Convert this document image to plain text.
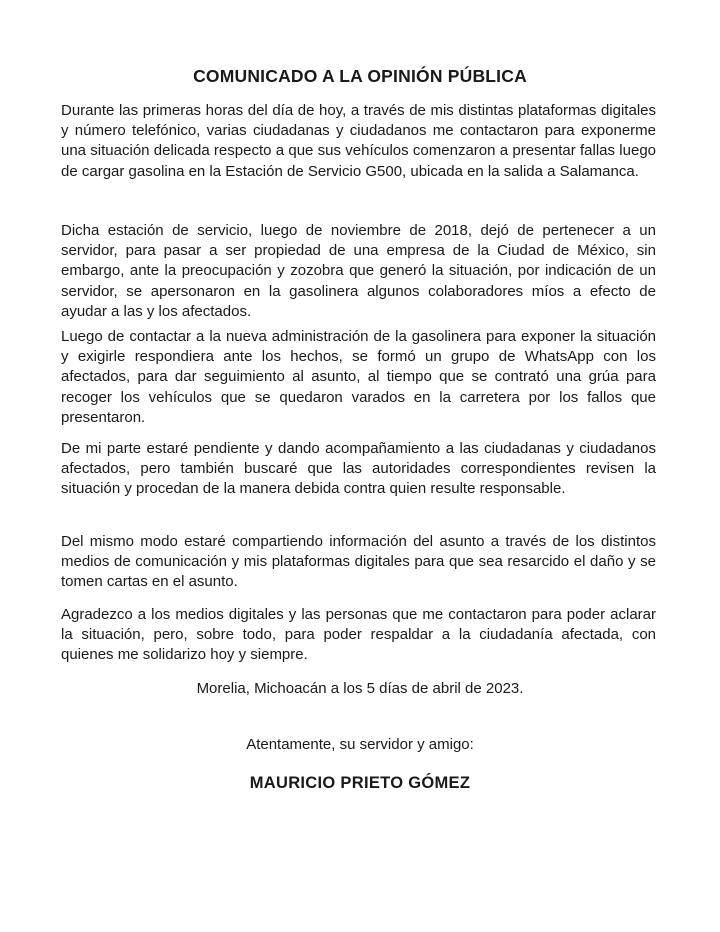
COMUNICADO A LA OPINIÓN PÚBLICA

Durante las primeras horas del día de hoy, a través de mis distintas plataformas digitales y número telefónico, varias ciudadanas y ciudadanos me contactaron para exponerme una situación delicada respecto a que sus vehículos comenzaron a presentar fallas luego de cargar gasolina en la Estación de Servicio G500, ubicada en la salida a Salamanca.

Dicha estación de servicio, luego de noviembre de 2018, dejó de pertenecer a un servidor, para pasar a ser propiedad de una empresa de la Ciudad de México, sin embargo, ante la preocupación y zozobra que generó la situación, por indicación de un servidor, se apersonaron en la gasolinera algunos colaboradores míos a efecto de ayudar a las y los afectados.

Luego de contactar a la nueva administración de la gasolinera para exponer la situación y exigirle respondiera ante los hechos, se formó un grupo de WhatsApp con los afectados, para dar seguimiento al asunto, al tiempo que se contrató una grúa para recoger los vehículos que se quedaron varados en la carretera por los fallos que presentaron.

De mi parte estaré pendiente y dando acompañamiento a las ciudadanas y ciudadanos afectados, pero también buscaré que las autoridades correspondientes revisen la situación y procedan de la manera debida contra quien resulte responsable.

Del mismo modo estaré compartiendo información del asunto a través de los distintos medios de comunicación y mis plataformas digitales para que sea resarcido el daño y se tomen cartas en el asunto.

Agradezco a los medios digitales y las personas que me contactaron para poder aclarar la situación, pero, sobre todo, para poder respaldar a la ciudadanía afectada, con quienes me solidarizo hoy y siempre.

Morelia, Michoacán a los 5 días de abril de 2023.
Atentamente, su servidor y amigo:
MAURICIO PRIETO GÓMEZ
